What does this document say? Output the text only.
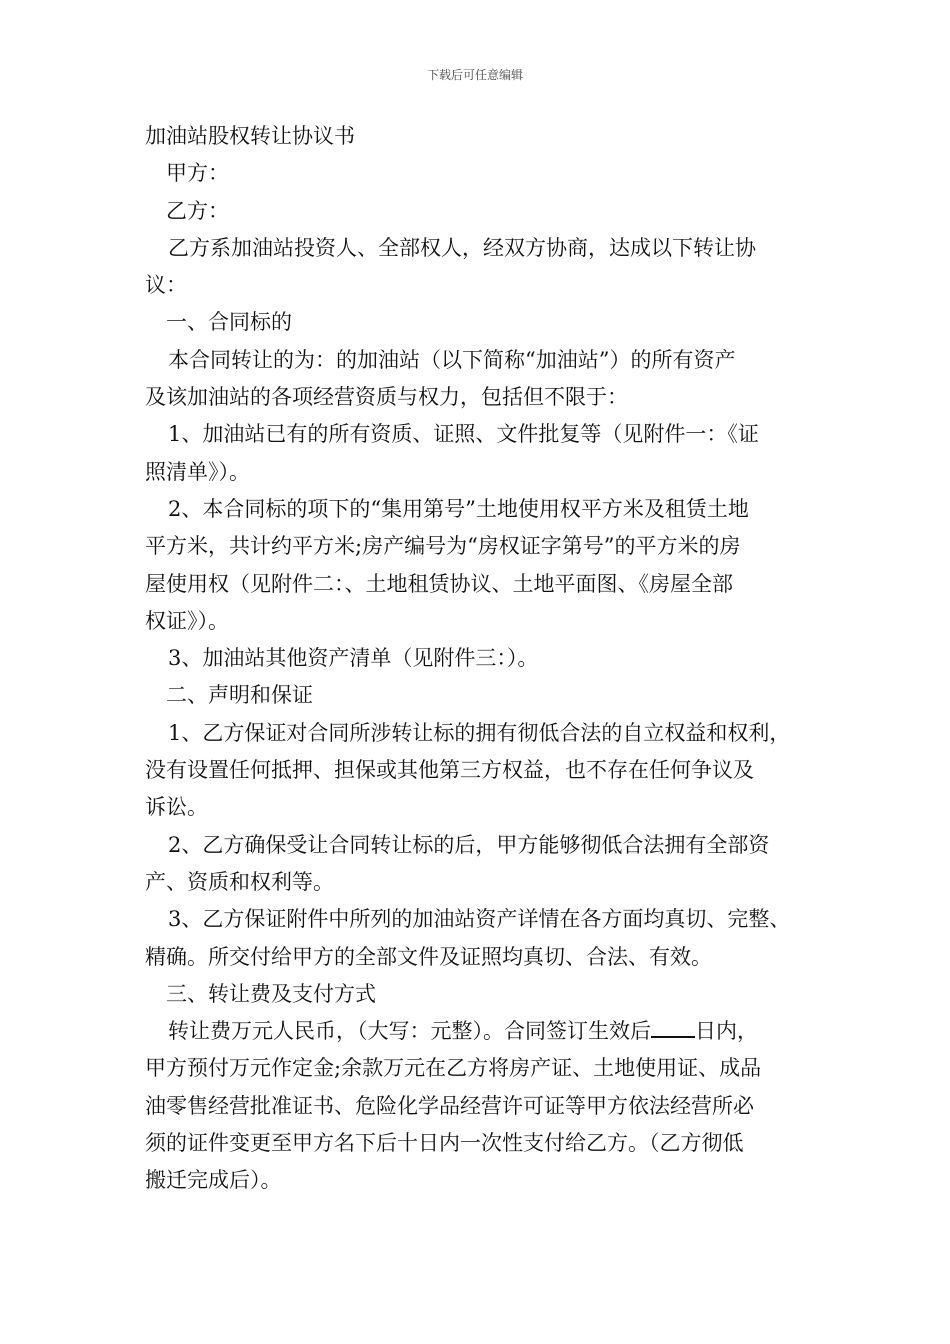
下载后可任意编辑
加油站股权转让协议书
甲方：
乙方：
乙方系加油站投资人、全部权人，经双方协商，达成以下转让协
议：
一、合同标的
本合同转让的为：的加油站（以下简称“加油站”）的所有资产
及该加油站的各项经营资质与权力，包括但不限于：
1、加油站已有的所有资质、证照、文件批复等（见附件一：《证
照清单》）。
2、本合同标的项下的“集用第号”土地使用权平方米及租赁土地
平方米，共计约平方米;房产编号为“房权证字第号”的平方米的房
屋使用权（见附件二：、土地租赁协议、土地平面图、《房屋全部
权证》）。
3、加油站其他资产清单（见附件三：）。
二、声明和保证
1、乙方保证对合同所涉转让标的拥有彻低合法的自立权益和权利，
没有设置任何抵押、担保或其他第三方权益，也不存在任何争议及
诉讼。
2、乙方确保受让合同转让标的后，甲方能够彻低合法拥有全部资
产、资质和权利等。
3、乙方保证附件中所列的加油站资产详情在各方面均真切、完整、
精确。所交付给甲方的全部文件及证照均真切、合法、有效。
三、转让费及支付方式
转让费万元人民币，（大写：元整）。合同签订生效后 日内，
甲方预付万元作定金;余款万元在乙方将房产证、土地使用证、成品
油零售经营批准证书、危险化学品经营许可证等甲方依法经营所必
须的证件变更至甲方名下后十日内一次性支付给乙方。（乙方彻低
搬迁完成后）。
